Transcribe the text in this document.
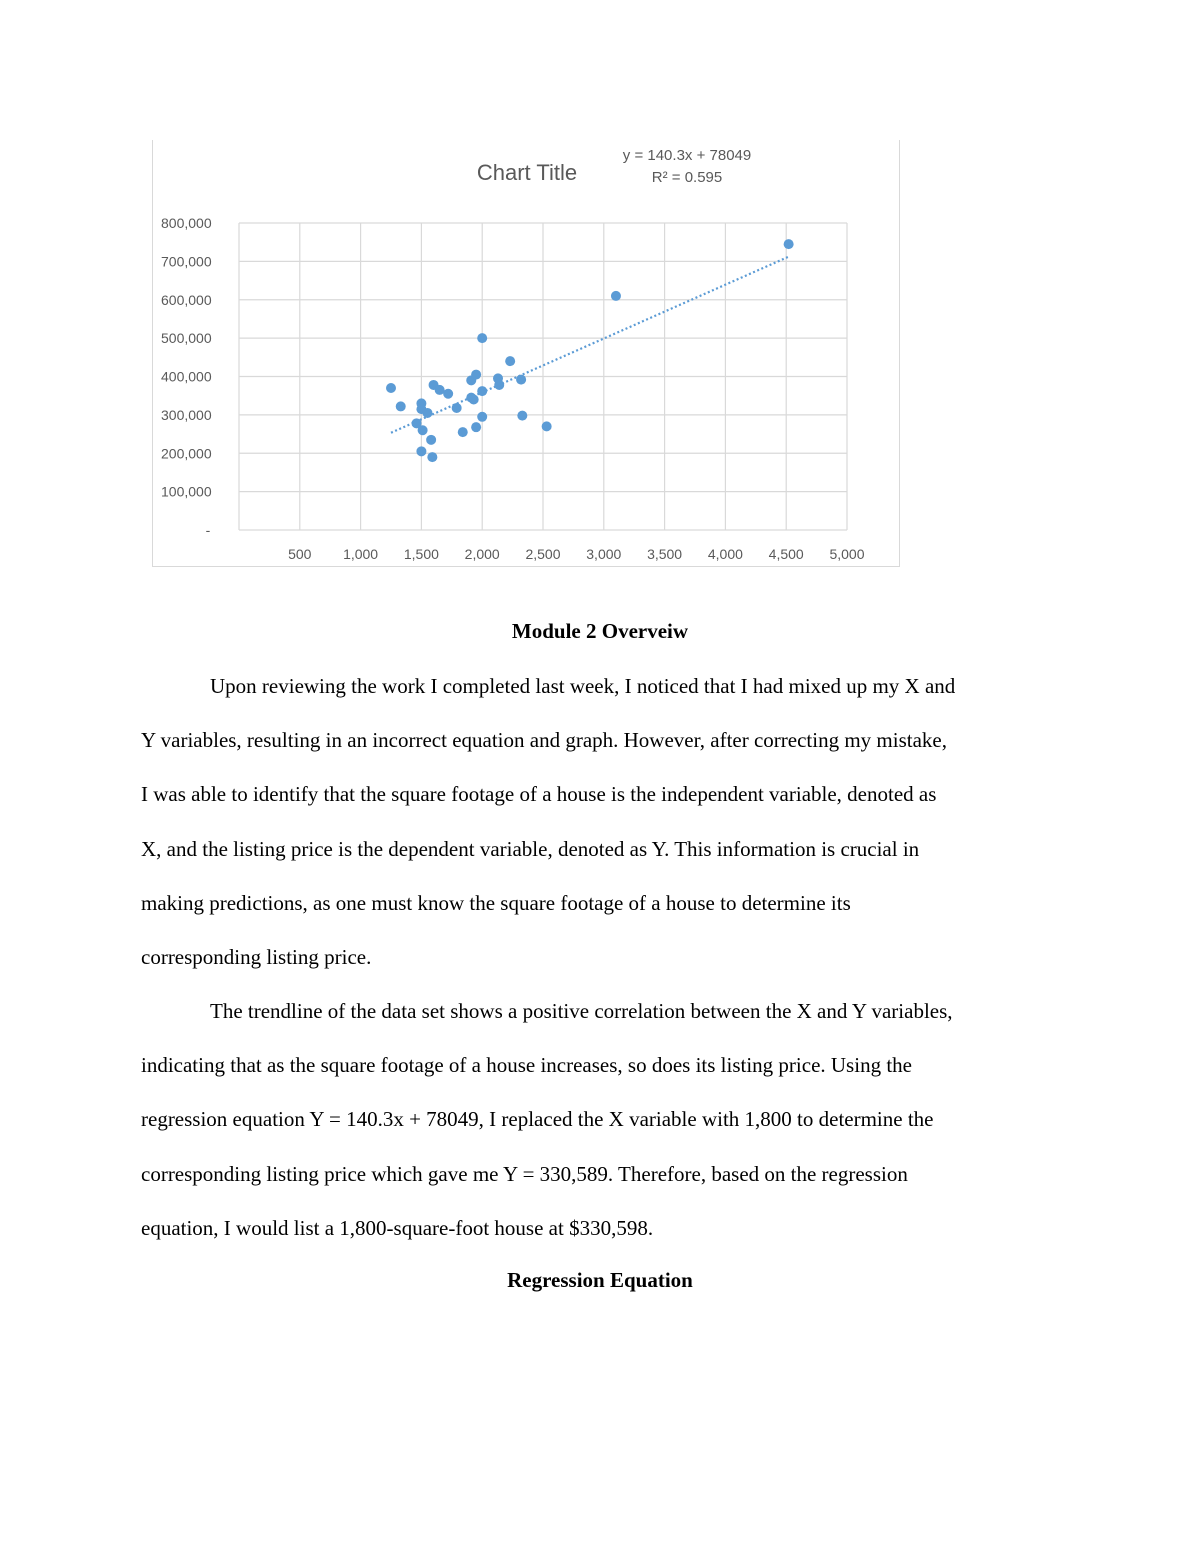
500 1,000 1,500 2,000 2,500 3,000 3,500 4,000 4,500 5,000
-
100,000
200,000
300,000
400,000
500,000
600,000
700,000
800,000
Chart Title
y = 140.3x + 78049
R² = 0.595
Module 2 Overveiw
Upon reviewing the work I completed last week, I noticed that I had mixed up my X and
Y variables, resulting in an incorrect equation and graph. However, after correcting my mistake,
I was able to identify that the square footage of a house is the independent variable, denoted as
X, and the listing price is the dependent variable, denoted as Y. This information is crucial in
making predictions, as one must know the square footage of a house to determine its
corresponding listing price.
The trendline of the data set shows a positive correlation between the X and Y variables,
indicating that as the square footage of a house increases, so does its listing price. Using the
regression equation Y = 140.3x + 78049, I replaced the X variable with 1,800 to determine the
corresponding listing price which gave me Y = 330,589. Therefore, based on the regression
equation, I would list a 1,800-square-foot house at $330,598.
Regression Equation
